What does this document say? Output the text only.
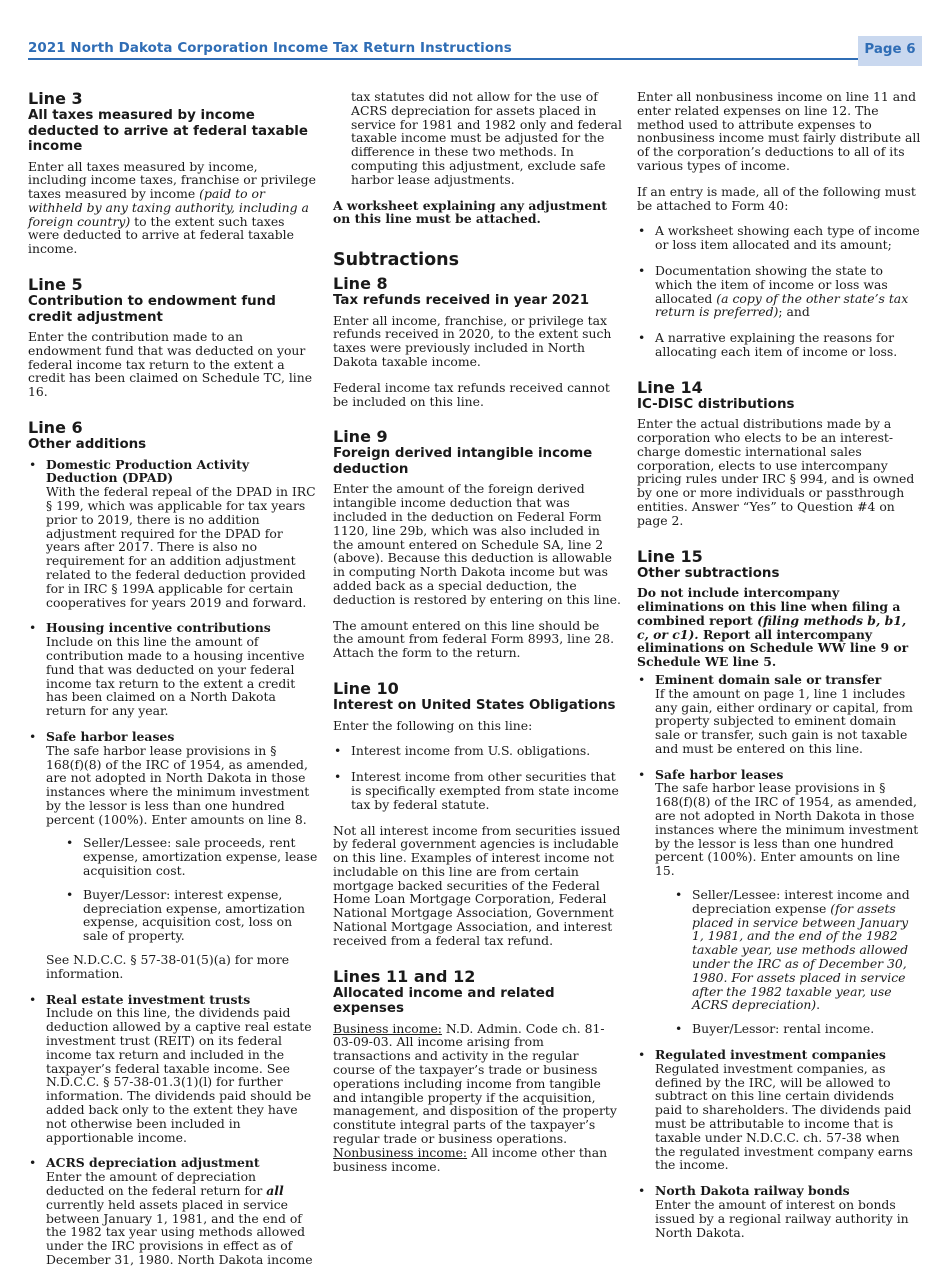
2021 North Dakota Corporation Income Tax Return Instructions	Page 6
Line 3
All taxes measured by income deducted to arrive at federal taxable income

Enter all taxes measured by income, including income taxes, franchise or privilege taxes measured by income (paid to or withheld by any taxing authority, including a foreign country) to the extent such taxes were deducted to arrive at federal taxable income.

Line 5
Contribution to endowment fund credit adjustment

Enter the contribution made to an endowment fund that was deducted on your federal income tax return to the extent a credit has been claimed on Schedule TC, line 16.

Line 6
Other additions
• Domestic Production Activity Deduction (DPAD)
With the federal repeal of the DPAD in IRC § 199, which was applicable for tax years prior to 2019, there is no addition adjustment required for the DPAD for years after 2017. There is also no requirement for an addition adjustment related to the federal deduction provided for in IRC § 199A applicable for certain cooperatives for years 2019 and forward.
• Housing incentive contributions
Include on this line the amount of contribution made to a housing incentive fund that was deducted on your federal income tax return to the extent a credit has been claimed on a North Dakota return for any year.
• Safe harbor leases
The safe harbor lease provisions in § 168(f)(8) of the IRC of 1954, as amended, are not adopted in North Dakota in those instances where the minimum investment by the lessor is less than one hundred percent (100%). Enter amounts on line 8.
• Seller/Lessee: sale proceeds, rent expense, amortization expense, lease acquisition cost.
• Buyer/Lessor: interest expense, depreciation expense, amortization expense, acquisition cost, loss on sale of property.
See N.D.C.C. § 57-38-01(5)(a) for more information.
• Real estate investment trusts
Include on this line, the dividends paid deduction allowed by a captive real estate investment trust (REIT) on its federal income tax return and included in the taxpayer’s federal taxable income. See N.D.C.C. § 57-38-01.3(1)(l) for further information. The dividends paid should be added back only to the extent they have not otherwise been included in apportionable income.
• ACRS depreciation adjustment
Enter the amount of depreciation deducted on the federal return for all currently held assets placed in service between January 1, 1981, and the end of the 1982 tax year using methods allowed under the IRC provisions in effect as of December 31, 1980. North Dakota income

tax statutes did not allow for the use of ACRS depreciation for assets placed in service for 1981 and 1982 only and federal taxable income must be adjusted for the difference in these two methods. In computing this adjustment, exclude safe harbor lease adjustments.

A worksheet explaining any adjustment on this line must be attached.

Subtractions
Line 8
Tax refunds received in year 2021

Enter all income, franchise, or privilege tax refunds received in 2020, to the extent such taxes were previously included in North Dakota taxable income.

Federal income tax refunds received cannot be included on this line.

Line 9
Foreign derived intangible income deduction

Enter the amount of the foreign derived intangible income deduction that was included in the deduction on Federal Form 1120, line 29b, which was also included in the amount entered on Schedule SA, line 2 (above). Because this deduction is allowable in computing North Dakota income but was added back as a special deduction, the deduction is restored by entering on this line.

The amount entered on this line should be the amount from federal Form 8993, line 28. Attach the form to the return.

Line 10
Interest on United States Obligations

Enter the following on this line:

• Interest income from U.S. obligations.
• Interest income from other securities that is specifically exempted from state income tax by federal statute.

Not all interest income from securities issued by federal government agencies is includable on this line. Examples of interest income not includable on this line are from certain mortgage backed securities of the Federal Home Loan Mortgage Corporation, Federal National Mortgage Association, Government National Mortgage Association, and interest received from a federal tax refund.

Lines 11 and 12
Allocated income and related expenses

Business income: N.D. Admin. Code ch. 81-03-09-03. All income arising from transactions and activity in the regular course of the taxpayer’s trade or business operations including income from tangible and intangible property if the acquisition, management, and disposition of the property constitute integral parts of the taxpayer’s regular trade or business operations.

Nonbusiness income: All income other than business income.

Enter all nonbusiness income on line 11 and enter related expenses on line 12. The method used to attribute expenses to nonbusiness income must fairly distribute all of the corporation’s deductions to all of its various types of income.

If an entry is made, all of the following must be attached to Form 40:

• A worksheet showing each type of income or loss item allocated and its amount;
• Documentation showing the state to which the item of income or loss was allocated (a copy of the other state’s tax return is preferred); and
• A narrative explaining the reasons for allocating each item of income or loss.
Line 14
IC-DISC distributions

Enter the actual distributions made by a corporation who elects to be an interest-charge domestic international sales corporation, elects to use intercompany pricing rules under IRC § 994, and is owned by one or more individuals or passthrough entities. Answer “Yes” to Question #4 on page 2.

Line 15
Other subtractions

Do not include intercompany eliminations on this line when filing a combined report (filing methods b, b1, c, or c1). Report all intercompany eliminations on Schedule WW line 9 or Schedule WE line 5.

• Eminent domain sale or transfer
If the amount on page 1, line 1 includes any gain, either ordinary or capital, from property subjected to eminent domain sale or transfer, such gain is not taxable and must be entered on this line.
• Safe harbor leases
The safe harbor lease provisions in § 168(f)(8) of the IRC of 1954, as amended, are not adopted in North Dakota in those instances where the minimum investment by the lessor is less than one hundred percent (100%). Enter amounts on line 15.
• Seller/Lessee: interest income and depreciation expense (for assets placed in service between January 1, 1981, and the end of the 1982 taxable year, use methods allowed under the IRC as of December 30, 1980. For assets placed in service after the 1982 taxable year, use ACRS depreciation).
• Buyer/Lessor: rental income.
• Regulated investment companies
Regulated investment companies, as defined by the IRC, will be allowed to subtract on this line certain dividends paid to shareholders. The dividends paid must be attributable to income that is taxable under N.D.C.C. ch. 57-38 when the regulated investment company earns the income.
• North Dakota railway bonds
Enter the amount of interest on bonds issued by a regional railway authority in North Dakota.
